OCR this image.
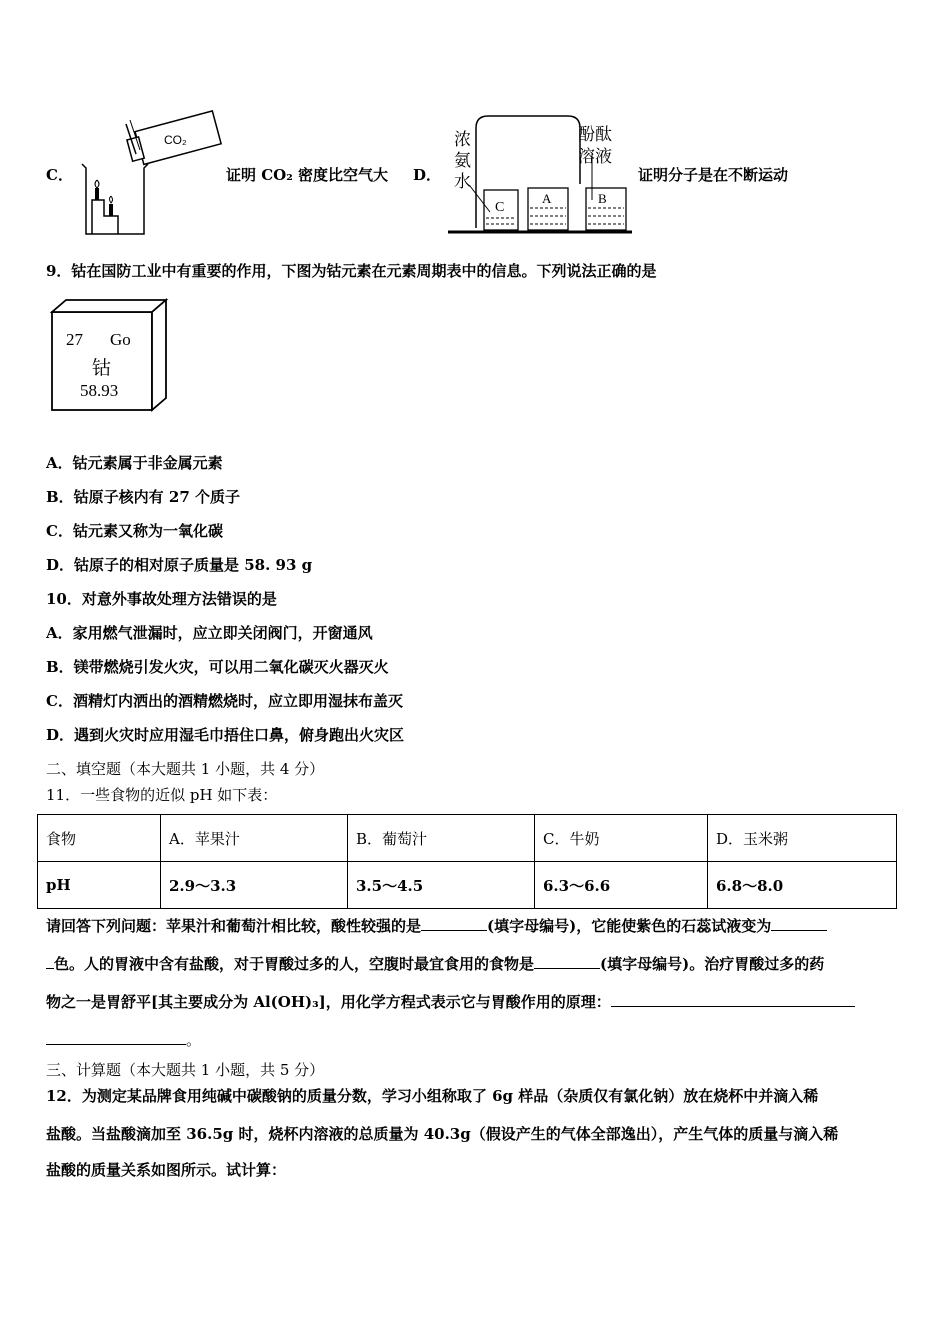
C．
CO₂
证明 CO₂ 密度比空气大 D．
C
A	B
浓氨水
酚酞溶液
证明分子是在不断运动
9．钴在国防工业中有重要的作用，下图为钴元素在元素周期表中的信息。下列说法正确的是
27 Go
钴
58.93
A．钴元素属于非金属元素
B．钴原子核内有 27 个质子
C．钴元素又称为一氧化碳
D．钴原子的相对原子质量是 58. 93 g
10．对意外事故处理方法错误的是
A．家用燃气泄漏时，应立即关闭阀门，开窗通风
B．镁带燃烧引发火灾，可以用二氧化碳灭火器灭火
C．酒精灯内洒出的酒精燃烧时，应立即用湿抹布盖灭
D．遇到火灾时应用湿毛巾捂住口鼻，俯身跑出火灾区
二、填空题（本大题共 1 小题，共 4 分）
11．一些食物的近似 pH 如下表：
食物	A．苹果汁	B．葡萄汁	C．牛奶	D．玉米粥
pH	2.9～3.3	3.5～4.5	6.3～6.6	6.8～8.0
请回答下列问题：苹果汁和葡萄汁相比较，酸性较强的是	(填字母编号)，它能使紫色的石蕊试液变为
色。人的胃液中含有盐酸，对于胃酸过多的人，空腹时最宜食用的食物是	(填字母编号)。治疗胃酸过多的药
物之一是胃舒平[其主要成分为 Al(OH)₃]，用化学方程式表示它与胃酸作用的原理：
。
三、计算题（本大题共 1 小题，共 5 分）
12．为测定某品牌食用纯碱中碳酸钠的质量分数，学习小组称取了 6g 样品（杂质仅有氯化钠）放在烧杯中并滴入稀
盐酸。当盐酸滴加至 36.5g 时，烧杯内溶液的总质量为 40.3g（假设产生的气体全部逸出），产生气体的质量与滴入稀
盐酸的质量关系如图所示。试计算：
